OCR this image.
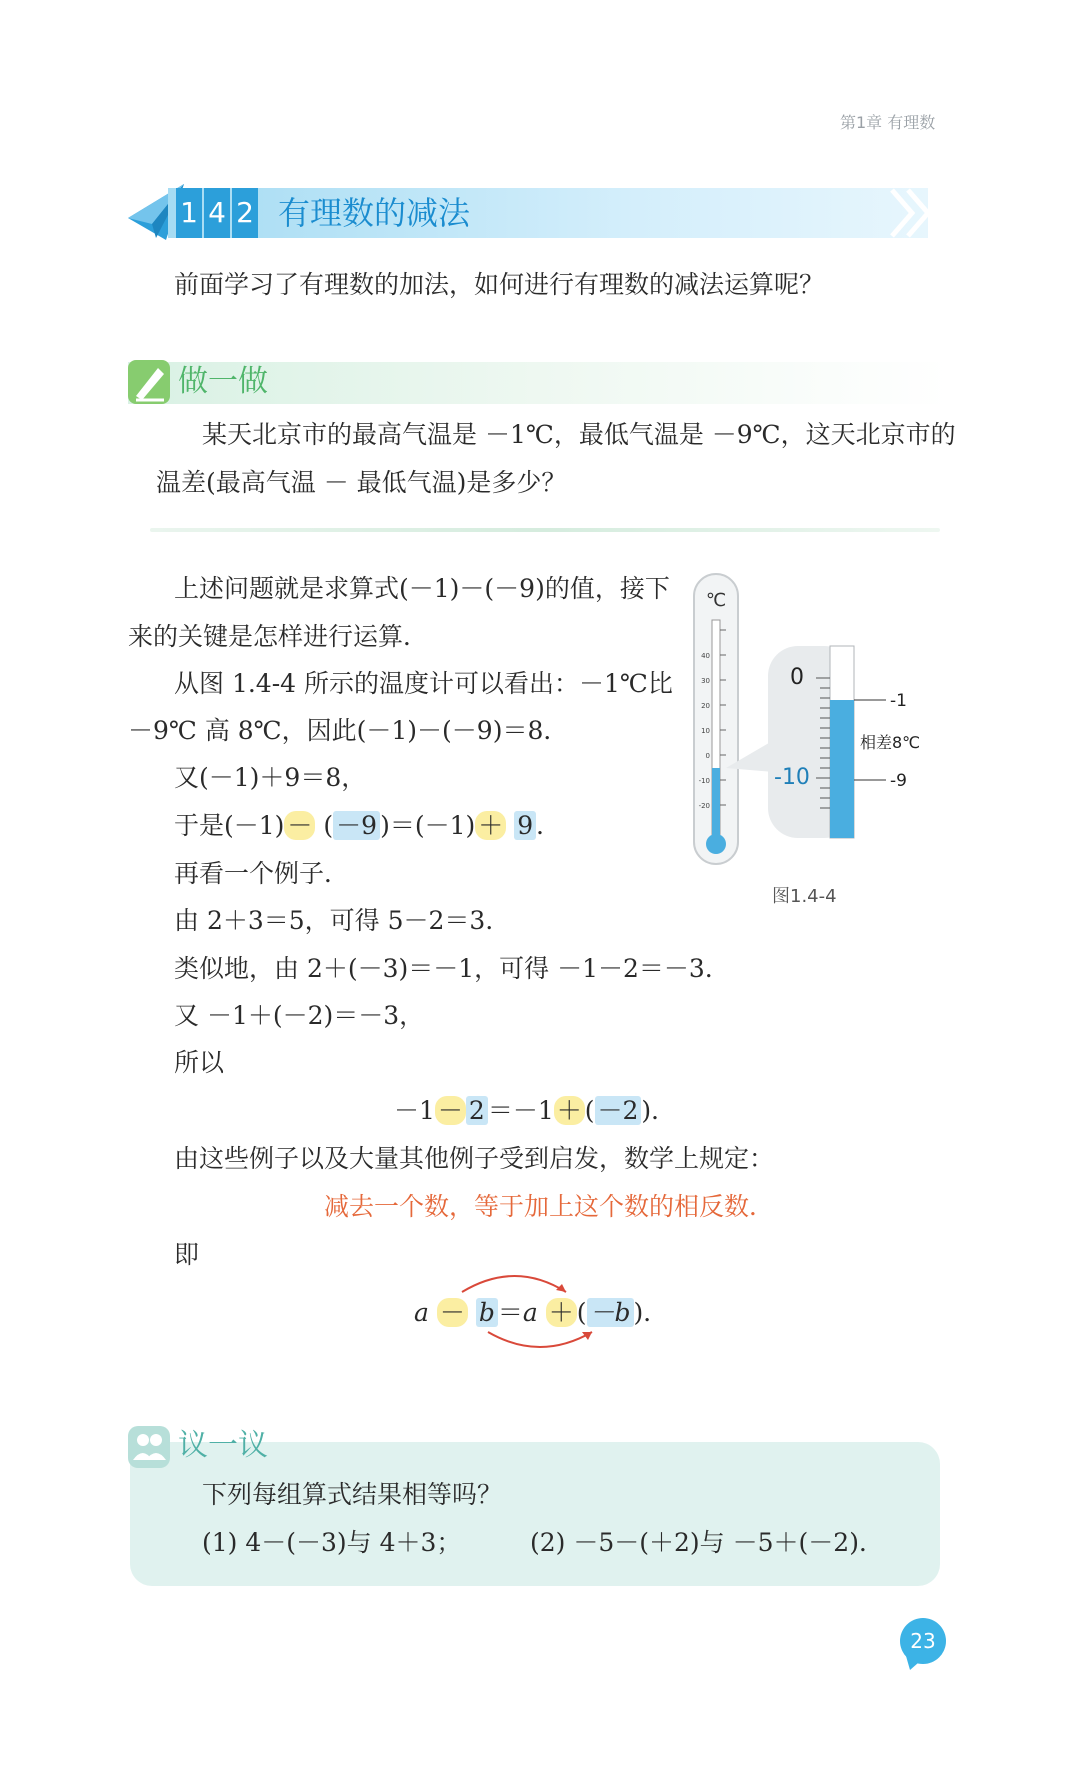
第1章 有理数
1 4 2 有理数的减法
前面学习了有理数的加法，如何进行有理数的减法运算呢？
做一做
某天北京市的最高气温是 －1℃，最低气温是 －9℃，这天北京市的
温差(最高气温 － 最低气温)是多少？
上述问题就是求算式(－1)－(－9)的值，接下
来的关键是怎样进行运算．
从图 1.4-4 所示的温度计可以看出：－1℃比
－9℃ 高 8℃，因此(－1)－(－9)＝8．
又(－1)＋9＝8，
于是(－1) － ( －9 )＝(－1) ＋ 9 ．
再看一个例子．
由 2＋3＝5，可得 5－2＝3．
类似地，由 2＋(－3)＝－1，可得 －1－2＝－3．
又 －1＋(－2)＝－3，
所以
－1 － 2 ＝－1 ＋ ( －2 )．
由这些例子以及大量其他例子受到启发，数学上规定：
减去一个数，等于加上这个数的相反数．
即
a － b ＝a ＋ ( －b )．
℃
40
30
20
10
0
-10
-20
0
-10
-1
-9
相差8℃
图1.4-4
议一议
下列每组算式结果相等吗？
(1) 4－(－3)与 4＋3；	(2) －5－(＋2)与 －5＋(－2)．
23
